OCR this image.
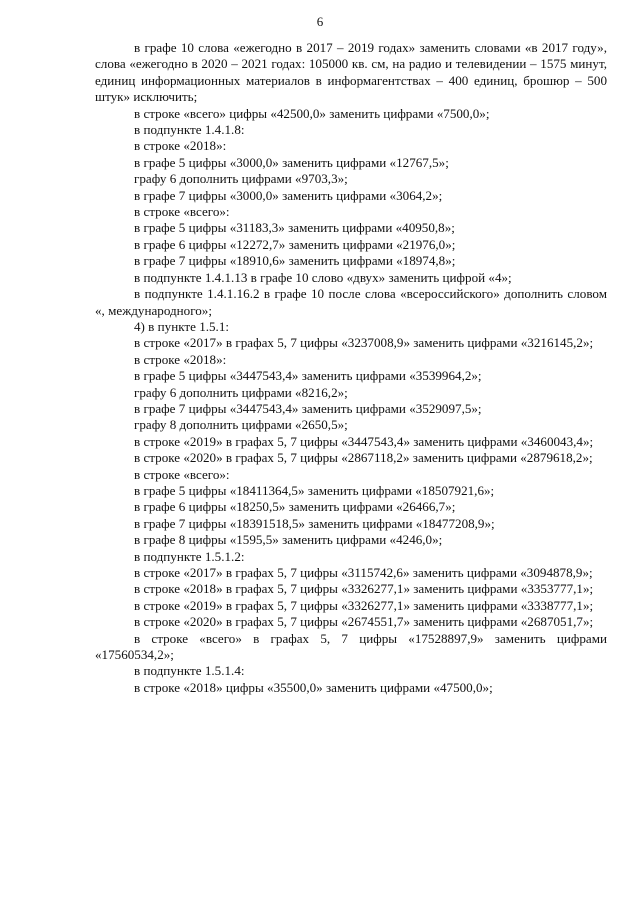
6

в графе 10 слова «ежегодно в 2017 – 2019 годах» заменить словами «в 2017 году», слова «ежегодно в 2020 – 2021 годах: 105000 кв. см, на радио и телевидении – 1575 минут, единиц информационных материалов в информагентствах – 400 единиц, брошюр – 500 штук» исключить;

в строке «всего» цифры «42500,0» заменить цифрами «7500,0»;

в подпункте 1.4.1.8:

в строке «2018»:

в графе 5 цифры «3000,0» заменить цифрами «12767,5»;

графу 6 дополнить цифрами «9703,3»;

в графе 7 цифры «3000,0» заменить цифрами «3064,2»;

в строке «всего»:

в графе 5 цифры «31183,3» заменить цифрами «40950,8»;

в графе 6 цифры «12272,7» заменить цифрами «21976,0»;

в графе 7 цифры «18910,6» заменить цифрами «18974,8»;

в подпункте 1.4.1.13 в графе 10 слово «двух» заменить цифрой «4»;

в подпункте 1.4.1.16.2 в графе 10 после слова «всероссийского» дополнить словом «, международного»;

4) в пункте 1.5.1:

в строке «2017» в графах 5, 7 цифры «3237008,9» заменить цифрами «3216145,2»;

в строке «2018»:

в графе 5 цифры «3447543,4» заменить цифрами «3539964,2»;

графу 6 дополнить цифрами «8216,2»;

в графе 7 цифры «3447543,4» заменить цифрами «3529097,5»;

графу 8 дополнить цифрами «2650,5»;

в строке «2019» в графах 5, 7 цифры «3447543,4» заменить цифрами «3460043,4»;

в строке «2020» в графах 5, 7 цифры «2867118,2» заменить цифрами «2879618,2»;

в строке «всего»:

в графе 5 цифры «18411364,5» заменить цифрами «18507921,6»;

в графе 6 цифры «18250,5» заменить цифрами «26466,7»;

в графе 7 цифры «18391518,5» заменить цифрами «18477208,9»;

в графе 8 цифры «1595,5» заменить цифрами «4246,0»;

в подпункте 1.5.1.2:

в строке «2017» в графах 5, 7 цифры «3115742,6» заменить цифрами «3094878,9»;

в строке «2018» в графах 5, 7 цифры «3326277,1» заменить цифрами «3353777,1»;

в строке «2019» в графах 5, 7 цифры «3326277,1» заменить цифрами «3338777,1»;

в строке «2020» в графах 5, 7 цифры «2674551,7» заменить цифрами «2687051,7»;

в строке «всего» в графах 5, 7 цифры «17528897,9» заменить цифрами «17560534,2»;

в подпункте 1.5.1.4:

в строке «2018» цифры «35500,0» заменить цифрами «47500,0»;
